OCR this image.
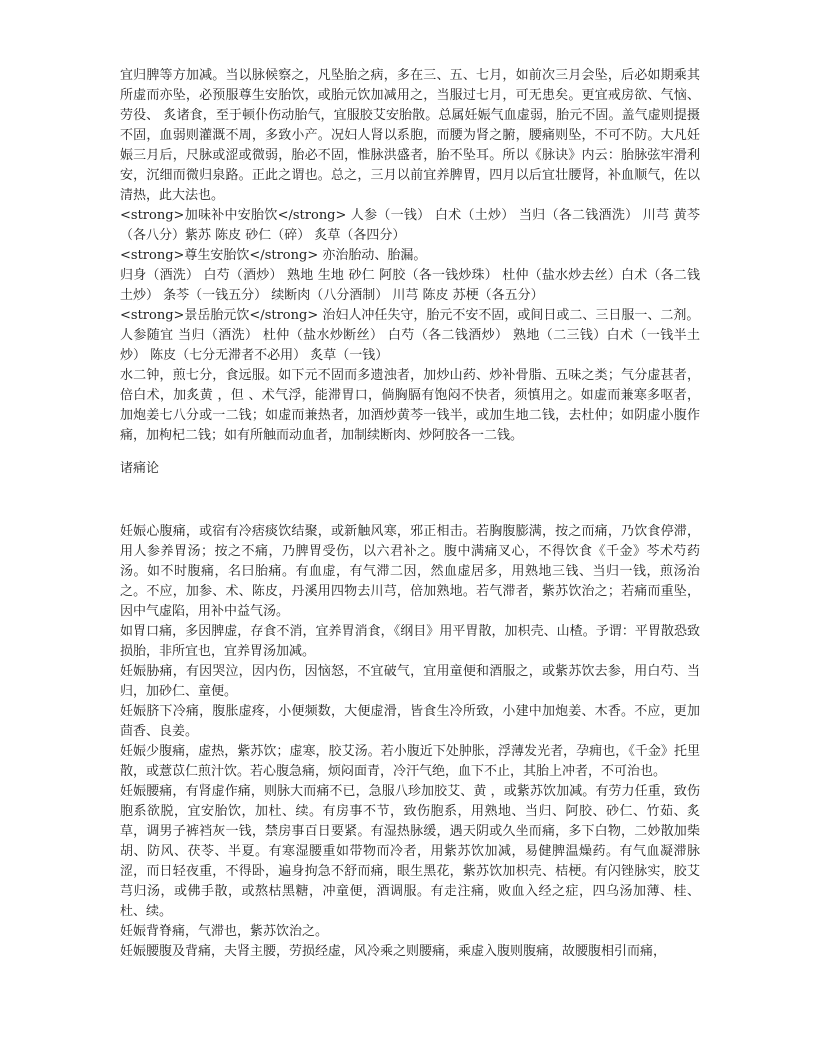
宜归脾等方加减。当以脉候察之，凡坠胎之病，多在三、五、七月，如前次三月会坠，后必如期乘其所虚而亦坠，必预服尊生安胎饮，或胎元饮加减用之，当服过七月，可无患矣。更宜戒房欲、气恼、劳役、 炙诸食，至于顿仆伤动胎气，宜服胶艾安胎散。总属妊娠气血虚弱，胎元不固。盖气虚则提摄不固，血弱则灌溉不周，多致小产。况妇人肾以系胞，而腰为肾之腑，腰痛则坠，不可不防。大凡妊娠三月后，尺脉或涩或微弱，胎必不固，惟脉洪盛者，胎不坠耳。所以《脉诀》内云：胎脉弦牢滑利安，沉细而微归泉路。正此之谓也。总之，三月以前宜养脾胃，四月以后宜壮腰肾，补血顺气，佐以清热，此大法也。

<strong>加味补中安胎饮</strong> 人参（一钱） 白术（土炒） 当归（各二钱酒洗） 川芎 黄芩（各八分）紫苏 陈皮 砂仁（碎） 炙草（各四分）

<strong>尊生安胎饮</strong> 亦治胎动、胎漏。

归身（酒洗） 白芍（酒炒） 熟地 生地 砂仁 阿胶（各一钱炒珠） 杜仲（盐水炒去丝）白术（各二钱土炒） 条芩（一钱五分） 续断肉（八分酒制） 川芎 陈皮 苏梗（各五分）

<strong>景岳胎元饮</strong> 治妇人冲任失守，胎元不安不固，或间日或二、三日服一、二剂。

人参随宜 当归（酒洗） 杜仲（盐水炒断丝） 白芍（各二钱酒炒） 熟地（二三钱）白术（一钱半土炒） 陈皮（七分无滞者不必用） 炙草（一钱）

水二钟，煎七分，食远服。如下元不固而多遗浊者，加炒山药、炒补骨脂、五味之类；气分虚甚者，倍白术，加炙黄 ，但 、术气浮，能滞胃口，倘胸膈有饱闷不快者，须慎用之。如虚而兼寒多呕者，加炮姜七八分或一二钱；如虚而兼热者，加酒炒黄芩一钱半，或加生地二钱，去杜仲；如阴虚小腹作痛，加枸杞二钱；如有所触而动血者，加制续断肉、炒阿胶各一二钱。

诸痛论

妊娠心腹痛，或宿有冷痞痰饮结聚，或新触风寒，邪正相击。若胸腹膨满，按之而痛，乃饮食停滞，用人参养胃汤；按之不痛，乃脾胃受伤，以六君补之。腹中满痛叉心，不得饮食《千金》芩术芍药汤。如不时腹痛，名曰胎痛。有血虚，有气滞二因，然血虚居多，用熟地三钱、当归一钱，煎汤治之。不应，加参、术、陈皮，丹溪用四物去川芎，倍加熟地。若气滞者，紫苏饮治之；若痛而重坠，因中气虚陷，用补中益气汤。

如胃口痛，多因脾虚，存食不消，宜养胃消食，《纲目》用平胃散，加枳壳、山楂。予谓：平胃散恐致损胎，非所宜也，宜养胃汤加减。

妊娠胁痛，有因哭泣，因内伤，因恼怒，不宜破气，宜用童便和酒服之，或紫苏饮去参，用白芍、当归，加砂仁、童便。

妊娠脐下冷痛，腹胀虚疼，小便频数，大便虚滑，皆食生冷所致，小建中加炮姜、木香。不应，更加茴香、良姜。

妊娠少腹痛，虚热，紫苏饮；虚寒，胶艾汤。若小腹近下处肿胀，浮薄发光者，孕痈也，《千金》托里散，或薏苡仁煎汁饮。若心腹急痛，烦闷面青，冷汗气绝，血下不止，其胎上冲者，不可治也。

妊娠腰痛，有肾虚作痛，则脉大而痛不已，急服八珍加胶艾、黄 ，或紫苏饮加减。有劳力任重，致伤胞系欲脱，宜安胎饮，加杜、续。有房事不节，致伤胞系，用熟地、当归、阿胶、砂仁、竹茹、炙草，调男子裤裆灰一钱，禁房事百日要紧。有湿热脉缓，遇天阴或久坐而痛，多下白物，二妙散加柴胡、防风、茯苓、半夏。有寒湿腰重如带物而冷者，用紫苏饮加减，易健脾温燥药。有气血凝滞脉涩，而日轻夜重，不得卧，遍身拘急不舒而痛，眼生黑花，紫苏饮加枳壳、桔梗。有闪锉脉实，胶艾芎归汤，或佛手散，或熬枯黑糖，冲童便，酒调服。有走注痛，败血入经之症，四乌汤加薄、桂、杜、续。

妊娠背脊痛，气滞也，紫苏饮治之。

妊娠腰腹及背痛，夫肾主腰，劳损经虚，风冷乘之则腰痛，乘虚入腹则腹痛，故腰腹相引而痛，
